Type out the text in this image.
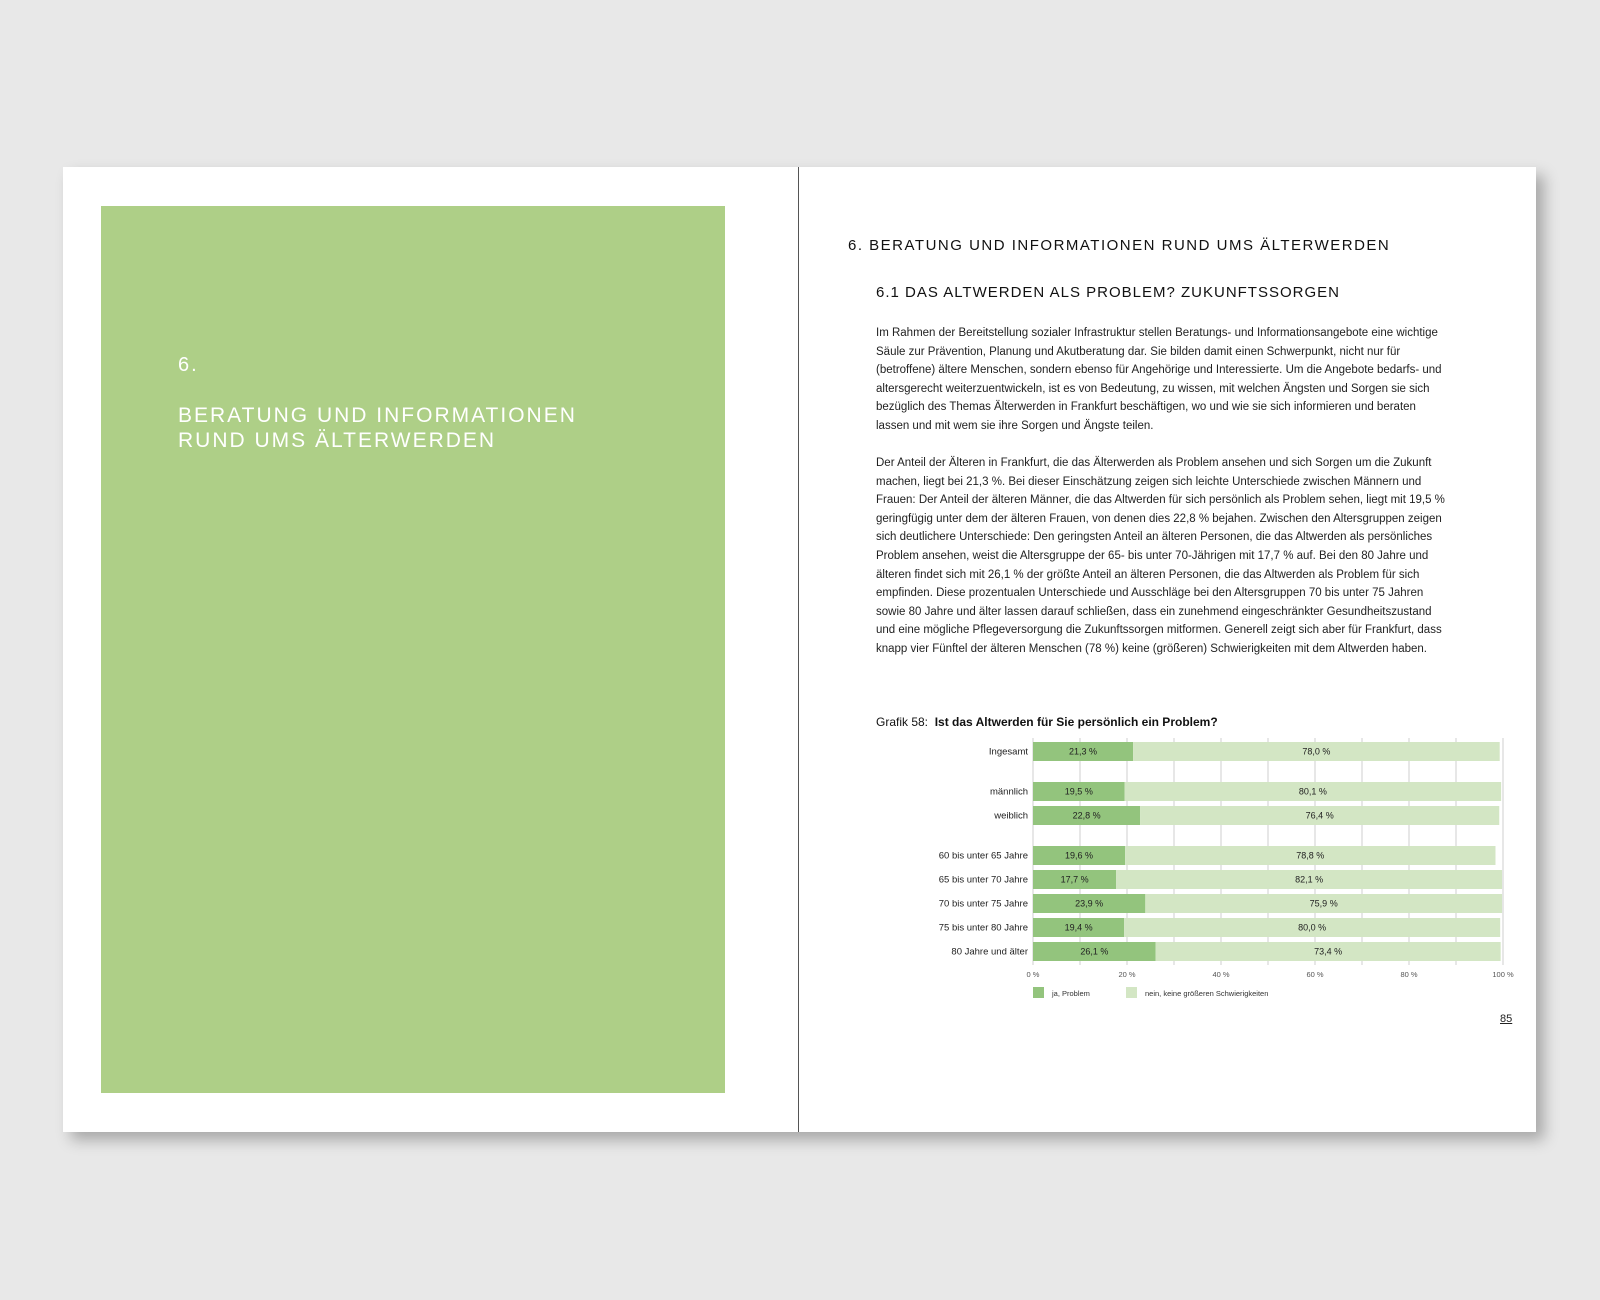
6.
BERATUNG UND INFORMATIONEN
RUND UMS ÄLTERWERDEN
6. BERATUNG UND INFORMATIONEN RUND UMS ÄLTERWERDEN
6.1 DAS ALTWERDEN ALS PROBLEM? ZUKUNFTSSORGEN

Im Rahmen der Bereitstellung sozialer Infrastruktur stellen Beratungs- und Informationsangebote eine wichtige Säule zur Prävention, Planung und Akutberatung dar. Sie bilden damit einen Schwerpunkt, nicht nur für (betroffene) ältere Menschen, sondern ebenso für Angehörige und Interessierte. Um die Angebote bedarfs- und altersgerecht weiterzuentwickeln, ist es von Bedeutung, zu wissen, mit welchen Ängsten und Sorgen sie sich bezüglich des Themas Älterwerden in Frankfurt beschäftigen, wo und wie sie sich informieren und beraten lassen und mit wem sie ihre Sorgen und Ängste teilen.

Der Anteil der Älteren in Frankfurt, die das Älterwerden als Problem ansehen und sich Sorgen um die Zukunft machen, liegt bei 21,3 %. Bei dieser Einschätzung zeigen sich leichte Unterschiede zwischen Männern und Frauen: Der Anteil der älteren Männer, die das Altwerden für sich persönlich als Problem sehen, liegt mit 19,5 % geringfügig unter dem der älteren Frauen, von denen dies 22,8 % bejahen. Zwischen den Altersgruppen zeigen sich deutlichere Unterschiede: Den geringsten Anteil an älteren Personen, die das Altwerden als persönliches Problem ansehen, weist die Altersgruppe der 65- bis unter 70-Jährigen mit 17,7 % auf. Bei den 80 Jahre und älteren findet sich mit 26,1 % der größte Anteil an älteren Personen, die das Altwerden als Problem für sich empfinden. Diese prozentualen Unterschiede und Ausschläge bei den Altersgruppen 70 bis unter 75 Jahren sowie 80 Jahre und älter lassen darauf schließen, dass ein zunehmend eingeschränkter Gesundheitszustand und eine mögliche Pflegeversorgung die Zukunftssorgen mitformen. Generell zeigt sich aber für Frankfurt, dass knapp vier Fünftel der älteren Menschen (78 %) keine (größeren) Schwierigkeiten mit dem Altwerden haben.

Grafik 58: Ist das Altwerden für Sie persönlich ein Problem?
Ingesamt	21,3 %	78,0 %
männlich	19,5 %	80,1 %
weiblich	22,8 %	76,4 %
60 bis unter 65 Jahre	19,6 %	78,8 %
65 bis unter 70 Jahre	17,7 %	82,1 %
70 bis unter 75 Jahre	23,9 %	75,9 %
75 bis unter 80 Jahre	19,4 %	80,0 %
80 Jahre und älter	26,1 %	73,4 %
0 %	20 %	40 %	60 %	80 %	100 %
ja, Problem	nein, keine größeren Schwierigkeiten
85
